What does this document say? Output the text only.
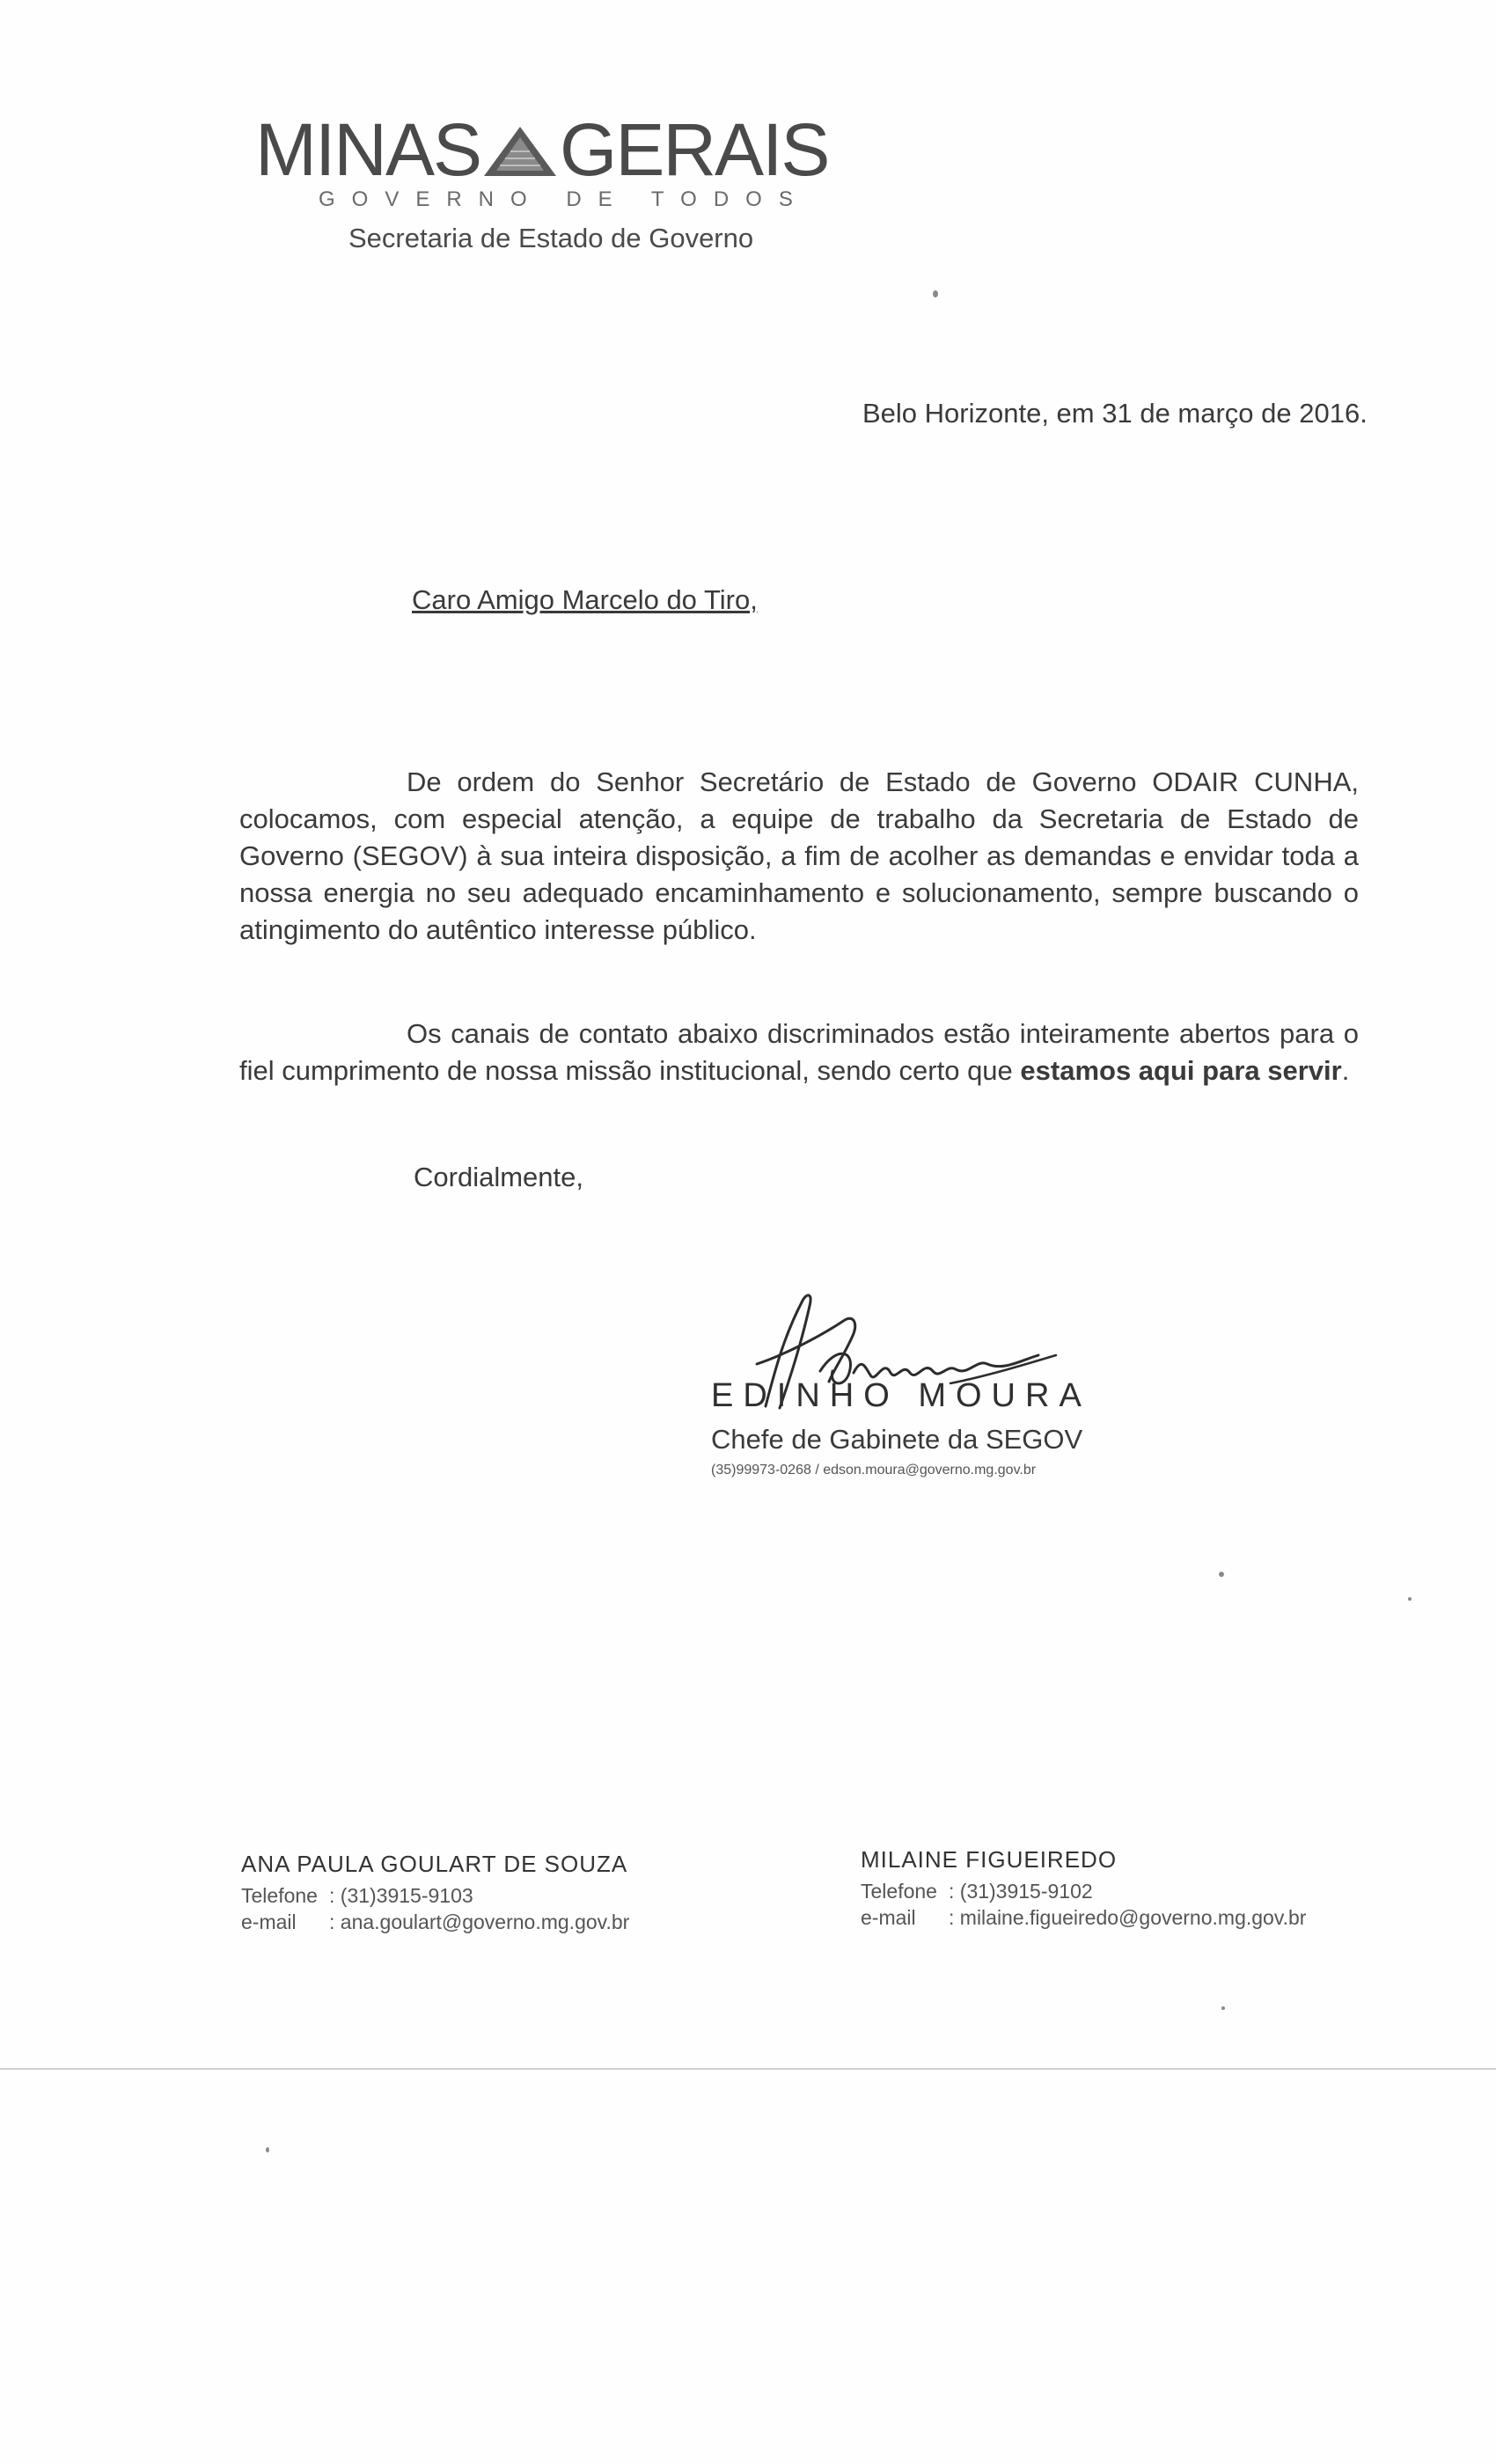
MINAS GERAIS
GOVERNO DE TODOS
Secretaria de Estado de Governo
Belo Horizonte, em 31 de março de 2016.
Caro Amigo Marcelo do Tiro,

De ordem do Senhor Secretário de Estado de Governo ODAIR CUNHA, colocamos, com especial atenção, a equipe de trabalho da Secretaria de Estado de Governo (SEGOV) à sua inteira disposição, a fim de acolher as demandas e envidar toda a nossa energia no seu adequado encaminhamento e solucionamento, sempre buscando o atingimento do autêntico interesse público.

Os canais de contato abaixo discriminados estão inteiramente abertos para o fiel cumprimento de nossa missão institucional, sendo certo que estamos aqui para servir.

Cordialmente,
EDINHO MOURA
Chefe de Gabinete da SEGOV
(35)99973-0268 / edson.moura@governo.mg.gov.br
ANA PAULA GOULART DE SOUZA
Telefone : (31)3915-9103
e-mail : ana.goulart@governo.mg.gov.br
MILAINE FIGUEIREDO
Telefone : (31)3915-9102
e-mail : milaine.figueiredo@governo.mg.gov.br
